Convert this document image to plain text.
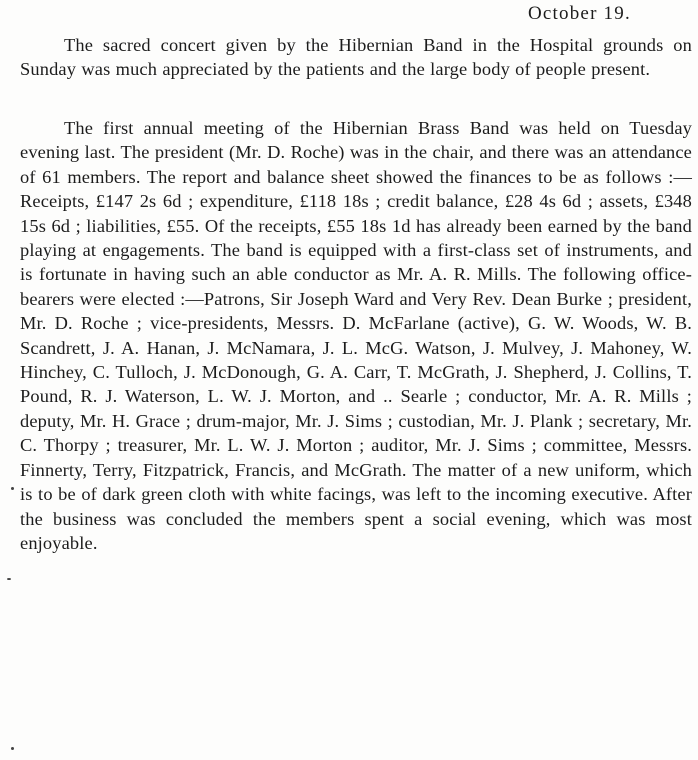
October 19.

The sacred concert given by the Hibernian Band in the Hospital grounds on Sunday was much appreciated by the patients and the large body of people present.

The first annual meeting of the Hibernian Brass Band was held on Tuesday evening last. The president (Mr. D. Roche) was in the chair, and there was an attendance of 61 members. The report and balance sheet showed the finances to be as follows :—Receipts, £147 2s 6d ; expenditure, £118 18s ; credit balance, £28 4s 6d ; assets, £348 15s 6d ; liabilities, £55. Of the receipts, £55 18s 1d has already been earned by the band playing at engagements. The band is equipped with a first-class set of instruments, and is fortunate in having such an able conductor as Mr. A. R. Mills. The following office-bearers were elected :—Patrons, Sir Joseph Ward and Very Rev. Dean Burke ; president, Mr. D. Roche ; vice-presidents, Messrs. D. McFarlane (active), G. W. Woods, W. B. Scandrett, J. A. Hanan, J. McNamara, J. L. McG. Watson, J. Mulvey, J. Mahoney, W. Hinchey, C. Tulloch, J. McDonough, G. A. Carr, T. McGrath, J. Shepherd, J. Collins, T. Pound, R. J. Waterson, L. W. J. Morton, and .. Searle ; conductor, Mr. A. R. Mills ; deputy, Mr. H. Grace ; drum-major, Mr. J. Sims ; custodian, Mr. J. Plank ; secretary, Mr. C. Thorpy ; treasurer, Mr. L. W. J. Morton ; auditor, Mr. J. Sims ; committee, Messrs. Finnerty, Terry, Fitzpatrick, Francis, and McGrath. The matter of a new uniform, which is to be of dark green cloth with white facings, was left to the incoming executive. After the business was concluded the members spent a social evening, which was most enjoyable.
